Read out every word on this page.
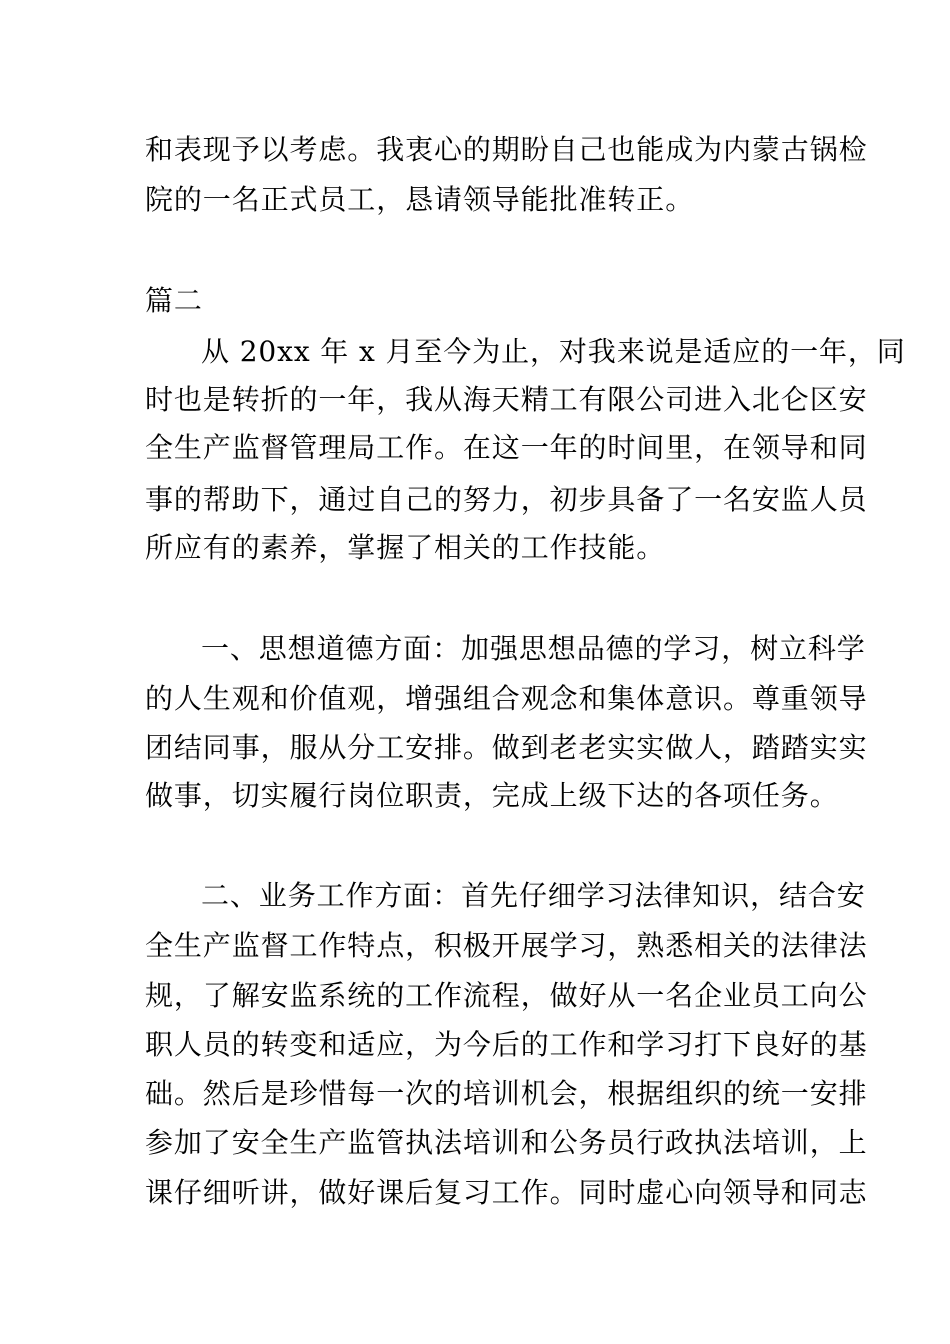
和表现予以考虑。我衷心的期盼自己也能成为内蒙古锅检
院的一名正式员工，恳请领导能批准转正。
篇二
从 20xx 年 x 月至今为止，对我来说是适应的一年，同
时也是转折的一年，我从海天精工有限公司进入北仑区安
全生产监督管理局工作。在这一年的时间里，在领导和同
事的帮助下，通过自己的努力，初步具备了一名安监人员
所应有的素养，掌握了相关的工作技能。
一、思想道德方面：加强思想品德的学习，树立科学
的人生观和价值观，增强组合观念和集体意识。尊重领导
团结同事，服从分工安排。做到老老实实做人，踏踏实实
做事，切实履行岗位职责，完成上级下达的各项任务。
二、业务工作方面：首先仔细学习法律知识，结合安
全生产监督工作特点，积极开展学习，熟悉相关的法律法
规，了解安监系统的工作流程，做好从一名企业员工向公
职人员的转变和适应，为今后的工作和学习打下良好的基
础。然后是珍惜每一次的培训机会，根据组织的统一安排
参加了安全生产监管执法培训和公务员行政执法培训，上
课仔细听讲，做好课后复习工作。同时虚心向领导和同志
